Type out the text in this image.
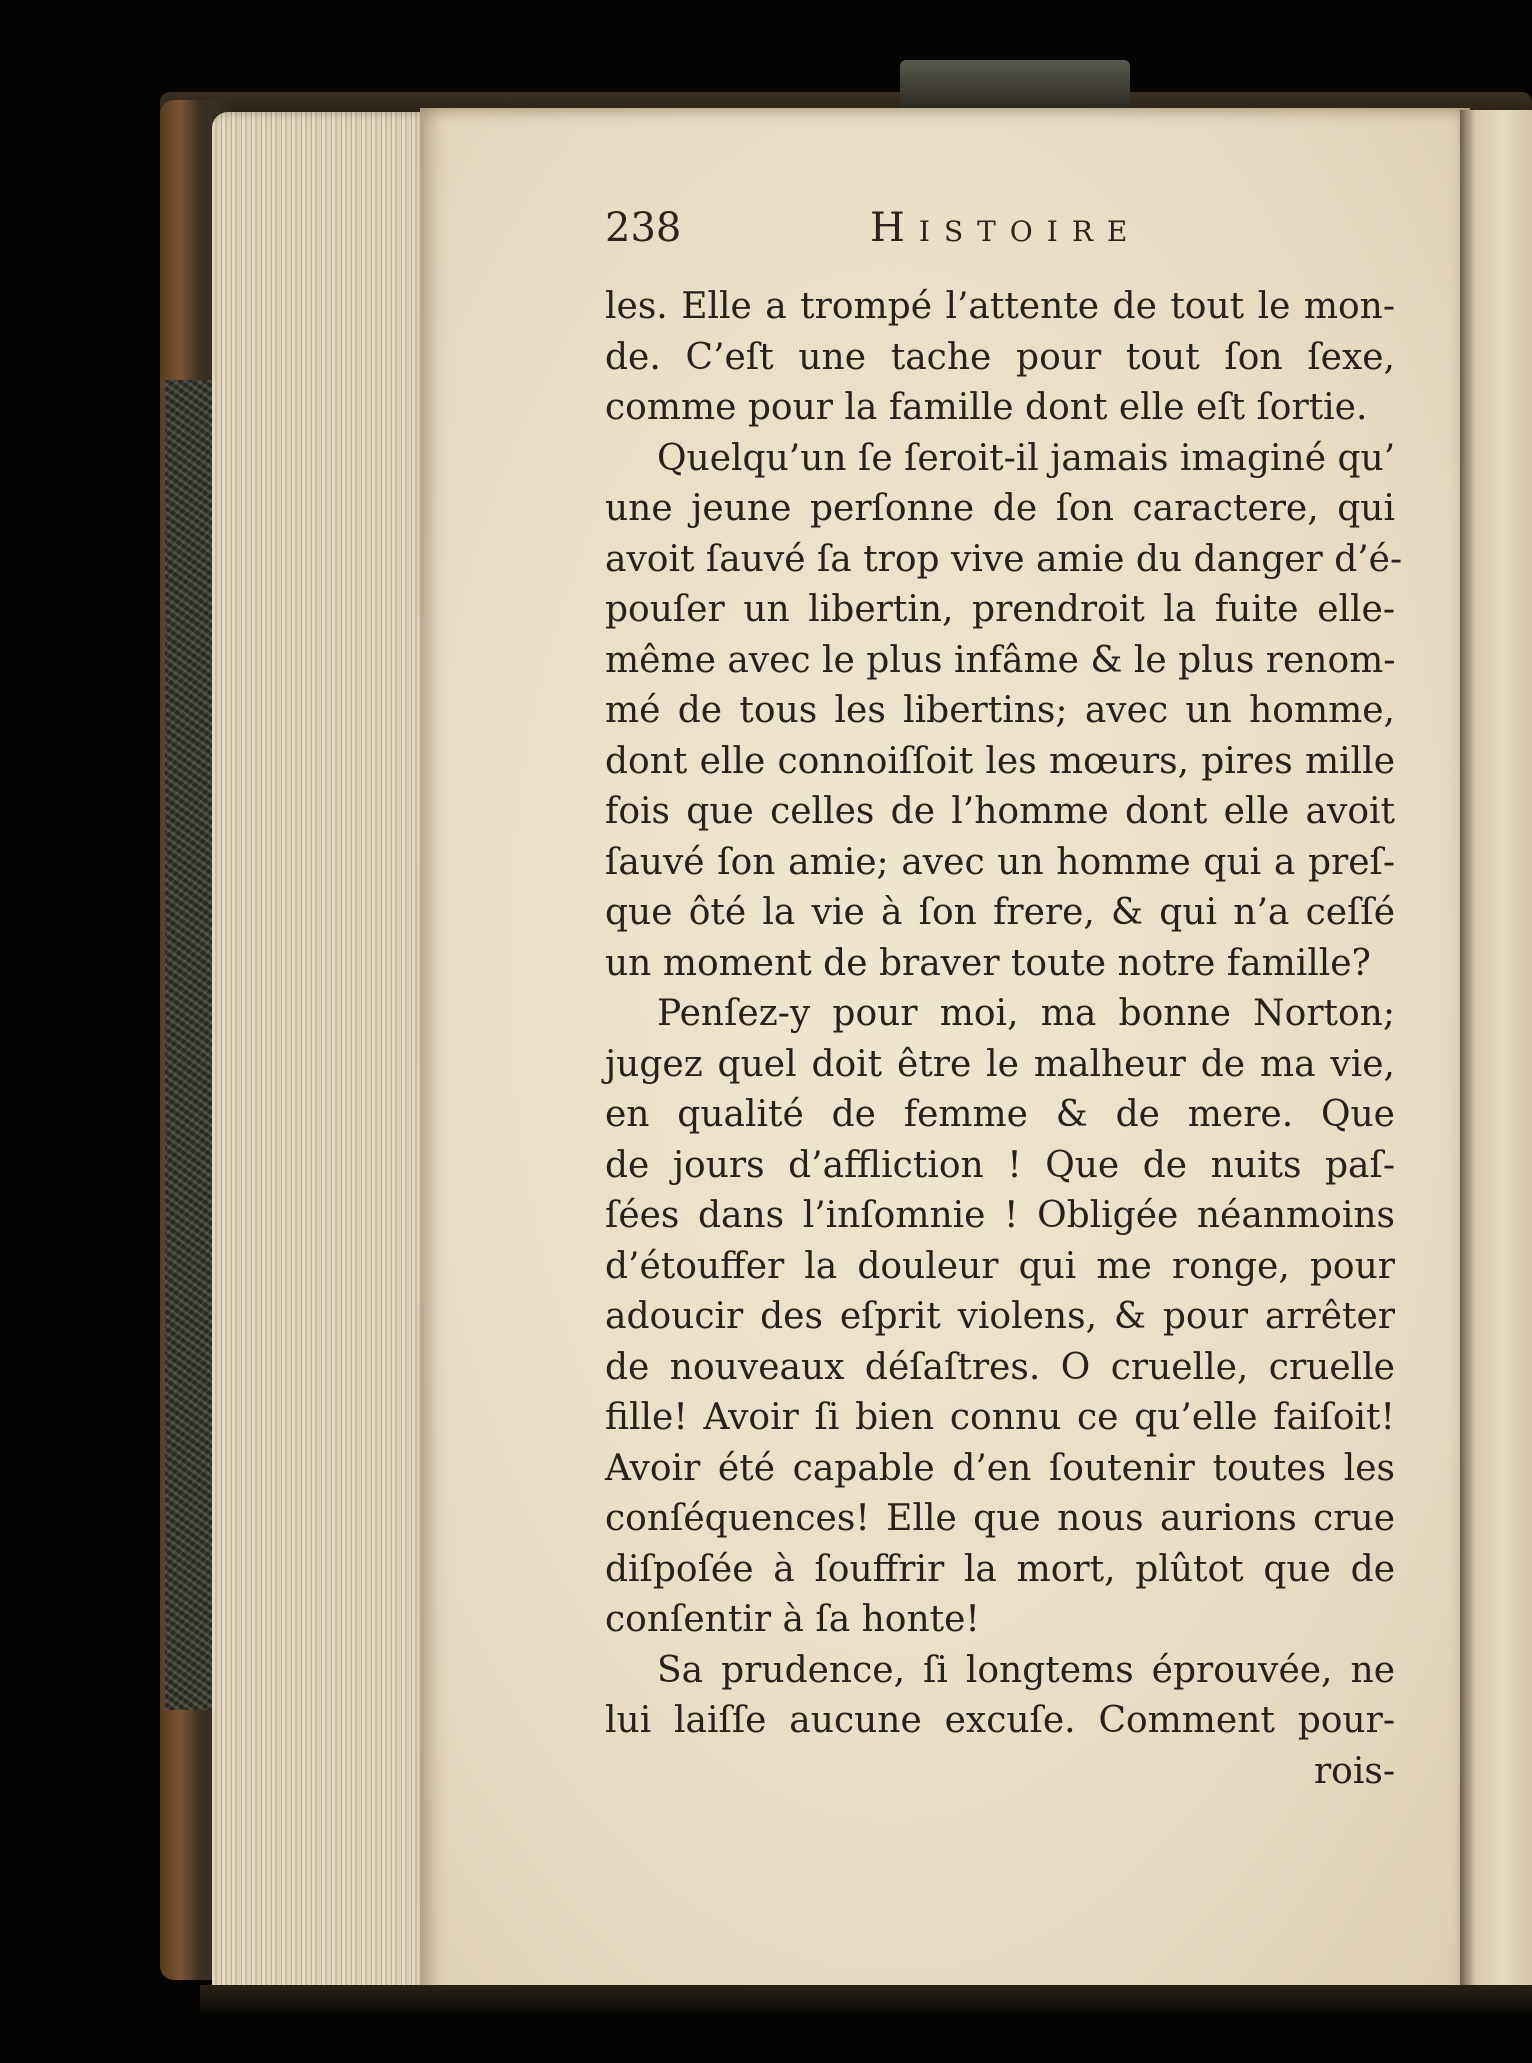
238	Histoire
les. Elle a trompé l’attente de tout le mon-
de. C’eſt une tache pour tout ſon ſexe,
comme pour la famille dont elle eſt ſortie.
Quelqu’un ſe ſeroit-il jamais imaginé qu’
une jeune perſonne de ſon caractere, qui
avoit ſauvé ſa trop vive amie du danger d’é-
pouſer un libertin, prendroit la fuite elle-
même avec le plus infâme & le plus renom-
mé de tous les libertins; avec un homme,
dont elle connoiſſoit les mœurs, pires mille
fois que celles de l’homme dont elle avoit
ſauvé ſon amie; avec un homme qui a preſ-
que ôté la vie à ſon frere, & qui n’a ceſſé
un moment de braver toute notre famille?
Penſez-y pour moi, ma bonne Norton;
jugez quel doit être le malheur de ma vie,
en qualité de femme & de mere. Que
de jours d’affliction ! Que de nuits paſ-
ſées dans l’inſomnie ! Obligée néanmoins
d’étouffer la douleur qui me ronge, pour
adoucir des eſprit violens, & pour arrêter
de nouveaux déſaſtres. O cruelle, cruelle
fille! Avoir ſi bien connu ce qu’elle faiſoit!
Avoir été capable d’en ſoutenir toutes les
conſéquences! Elle que nous aurions crue
diſpoſée à ſouffrir la mort, plûtot que de
conſentir à ſa honte!
Sa prudence, ſi longtems éprouvée, ne
lui laiſſe aucune excuſe. Comment pour-
rois-
